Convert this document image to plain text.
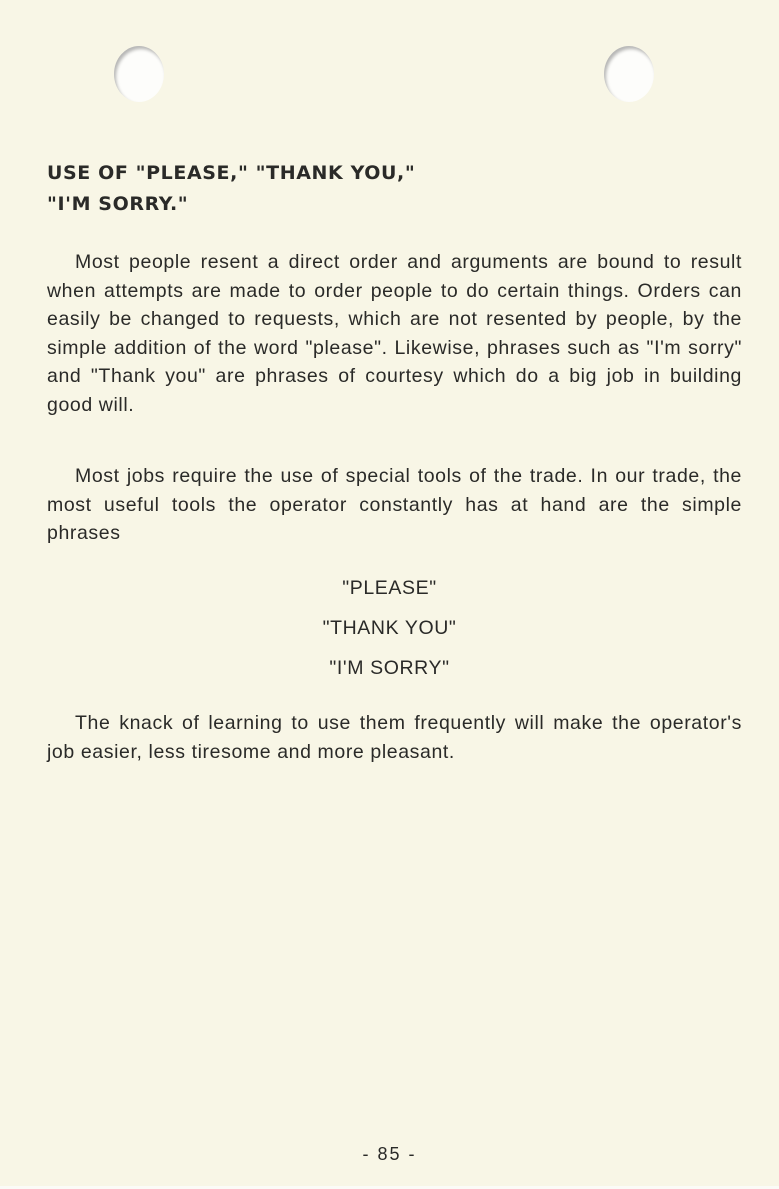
USE OF "PLEASE," "THANK YOU,"
"I'M SORRY."

Most people resent a direct order and arguments are bound to result when attempts are made to order people to do certain things. Orders can easily be changed to requests, which are not resented by people, by the simple addition of the word "please". Likewise, phrases such as "I'm sorry" and "Thank you" are phrases of courtesy which do a big job in building good will.

Most jobs require the use of special tools of the trade. In our trade, the most useful tools the operator constantly has at hand are the simple phrases

"PLEASE"
"THANK YOU"
"I'M SORRY"

The knack of learning to use them frequently will make the operator's job easier, less tiresome and more pleasant.

- 85 -
